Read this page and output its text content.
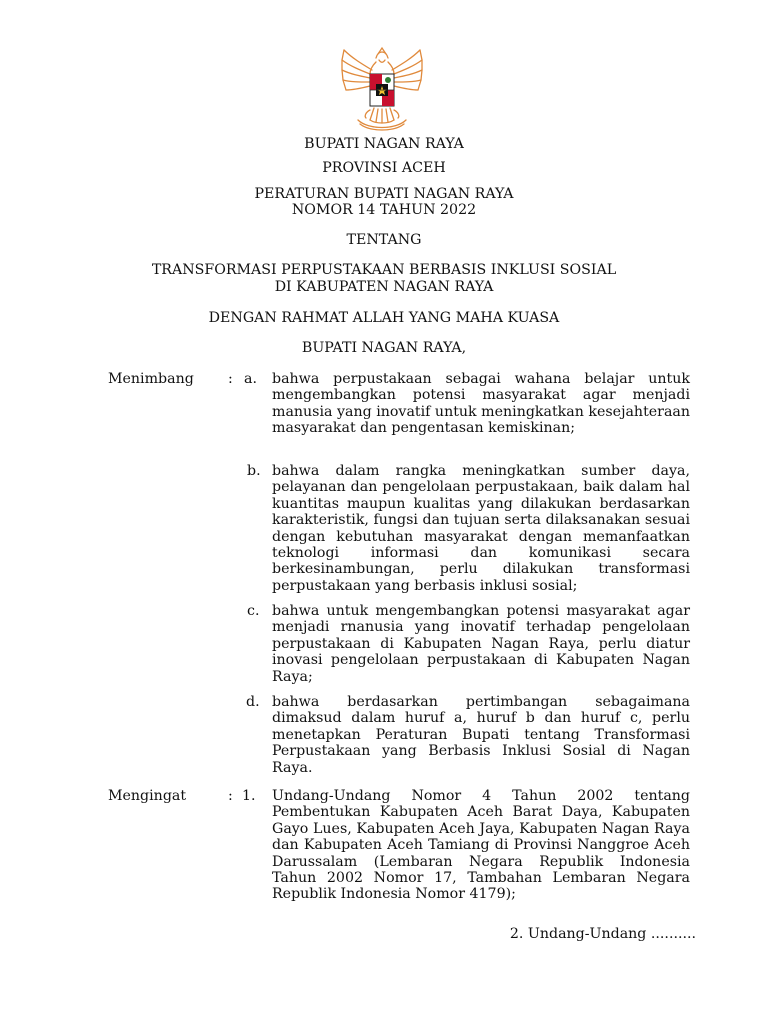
BUPATI NAGAN RAYA
PROVINSI ACEH
PERATURAN BUPATI NAGAN RAYA
NOMOR 14 TAHUN 2022
TENTANG
TRANSFORMASI PERPUSTAKAAN BERBASIS INKLUSI SOSIAL
DI KABUPATEN NAGAN RAYA
DENGAN RAHMAT ALLAH YANG MAHA KUASA
BUPATI NAGAN RAYA,
Menimbang : a. bahwa perpustakaan sebagai wahana belajar untuk mengembangkan potensi masyarakat agar menjadi manusia yang inovatif untuk meningkatkan kesejahteraan masyarakat dan pengentasan kemiskinan;
b. bahwa dalam rangka meningkatkan sumber daya, pelayanan dan pengelolaan perpustakaan, baik dalam hal kuantitas maupun kualitas yang dilakukan berdasarkan karakteristik, fungsi dan tujuan serta dilaksanakan sesuai dengan kebutuhan masyarakat dengan memanfaatkan teknologi informasi dan komunikasi secara berkesinambungan, perlu dilakukan transformasi perpustakaan yang berbasis inklusi sosial;
c. bahwa untuk mengembangkan potensi masyarakat agar menjadi rnanusia yang inovatif terhadap pengelolaan perpustakaan di Kabupaten Nagan Raya, perlu diatur inovasi pengelolaan perpustakaan di Kabupaten Nagan Raya;
d. bahwa berdasarkan pertimbangan sebagaimana dimaksud dalam huruf a, huruf b dan huruf c, perlu menetapkan Peraturan Bupati tentang Transformasi Perpustakaan yang Berbasis Inklusi Sosial di Nagan Raya.
Mengingat	: 1. Undang-Undang Nomor 4 Tahun 2002 tentang Pembentukan Kabupaten Aceh Barat Daya, Kabupaten Gayo Lues, Kabupaten Aceh Jaya, Kabupaten Nagan Raya dan Kabupaten Aceh Tamiang di Provinsi Nanggroe Aceh Darussalam (Lembaran Negara Republik Indonesia Tahun 2002 Nomor 17, Tambahan Lembaran Negara Republik Indonesia Nomor 4179);
2. Undang-Undang ..........
